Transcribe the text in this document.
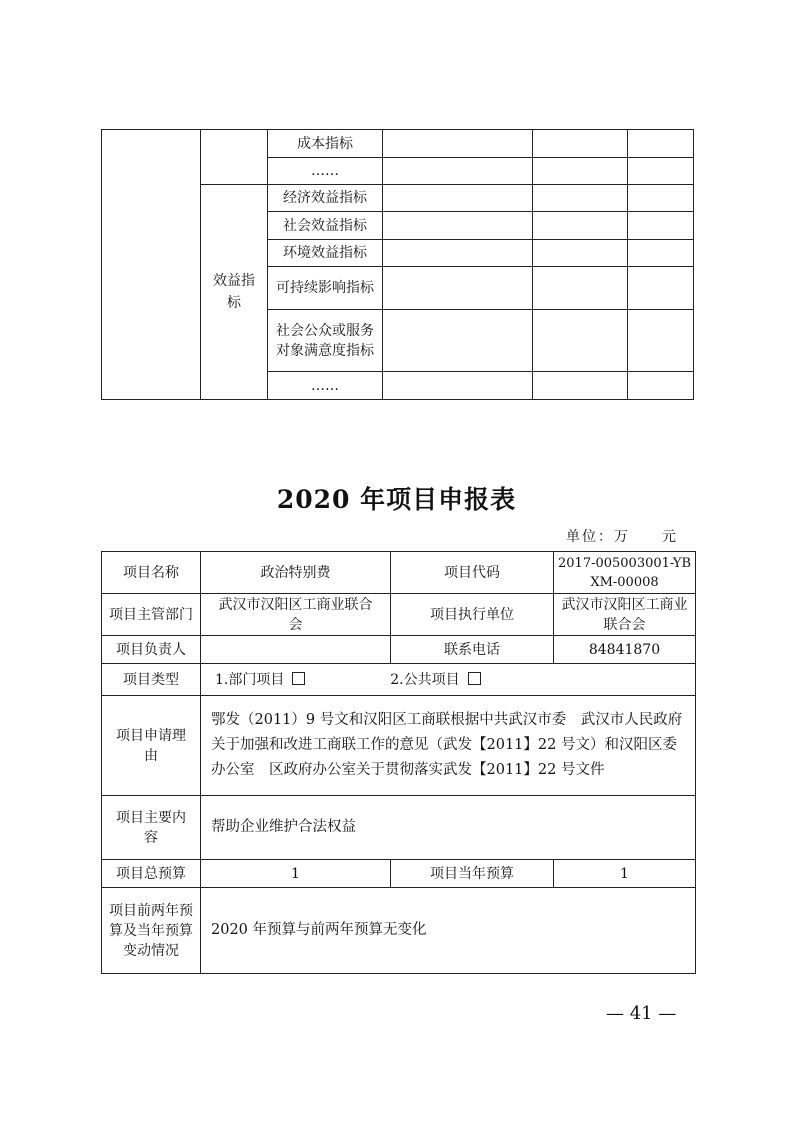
		成本指标			
		……			
	效益指标	经济效益指标			
		社会效益指标			
		环境效益指标			
		可持续影响指标			
		社会公众或服务对象满意度指标			
		……			
2020 年项目申报表
单位：万　　元
项目名称	政治特别费	项目代码	2017-005003001-YBXM-00008
项目主管部门	武汉市汉阳区工商业联合会	项目执行单位	武汉市汉阳区工商业联合会
项目负责人		联系电话	84841870
项目类型	1.部门项目 2.公共项目		
项目申请理由	鄂发（2011）9 号文和汉阳区工商联根据中共武汉市委　武汉市人民政府关于加强和改进工商联工作的意见（武发【2011】22 号文）和汉阳区委办公室　区政府办公室关于贯彻落实武发【2011】22 号文件		
项目主要内容	帮助企业维护合法权益		
项目总预算	1	项目当年预算	1
项目前两年预算及当年预算变动情况	2020 年预算与前两年预算无变化		
— 41 —
